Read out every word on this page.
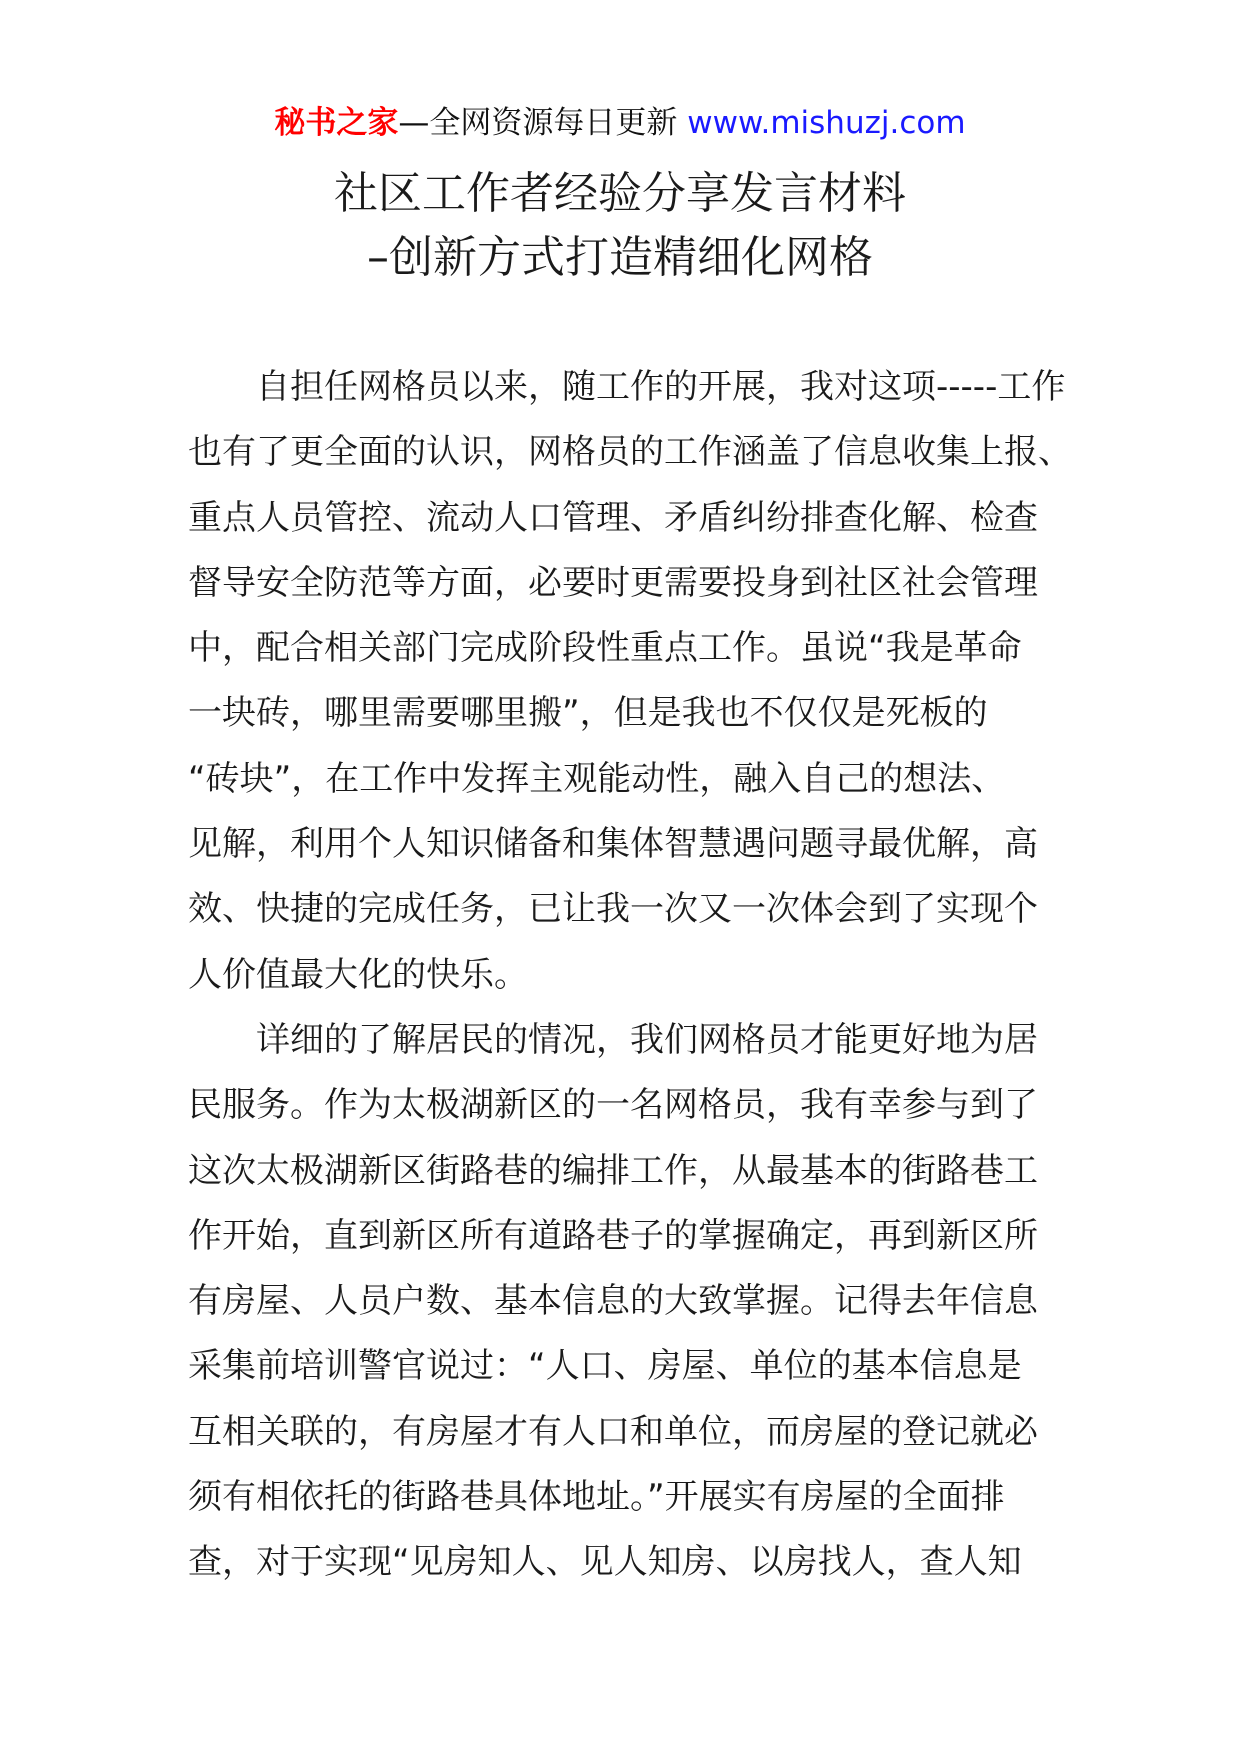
秘书之家—全网资源每日更新 www.mishuzj.com
社区工作者经验分享发言材料
–创新方式打造精细化网格
自担任网格员以来，随工作的开展，我对这项-----工作
也有了更全面的认识，网格员的工作涵盖了信息收集上报、
重点人员管控、流动人口管理、矛盾纠纷排查化解、检查
督导安全防范等方面，必要时更需要投身到社区社会管理
中，配合相关部门完成阶段性重点工作。虽说“我是革命
一块砖，哪里需要哪里搬”，但是我也不仅仅是死板的
“砖块”，在工作中发挥主观能动性，融入自己的想法、
见解，利用个人知识储备和集体智慧遇问题寻最优解，高
效、快捷的完成任务，已让我一次又一次体会到了实现个
人价值最大化的快乐。
详细的了解居民的情况，我们网格员才能更好地为居
民服务。作为太极湖新区的一名网格员，我有幸参与到了
这次太极湖新区街路巷的编排工作，从最基本的街路巷工
作开始，直到新区所有道路巷子的掌握确定，再到新区所
有房屋、人员户数、基本信息的大致掌握。记得去年信息
采集前培训警官说过：“人口、房屋、单位的基本信息是
互相关联的，有房屋才有人口和单位，而房屋的登记就必
须有相依托的街路巷具体地址。”开展实有房屋的全面排
查，对于实现“见房知人、见人知房、以房找人，查人知
